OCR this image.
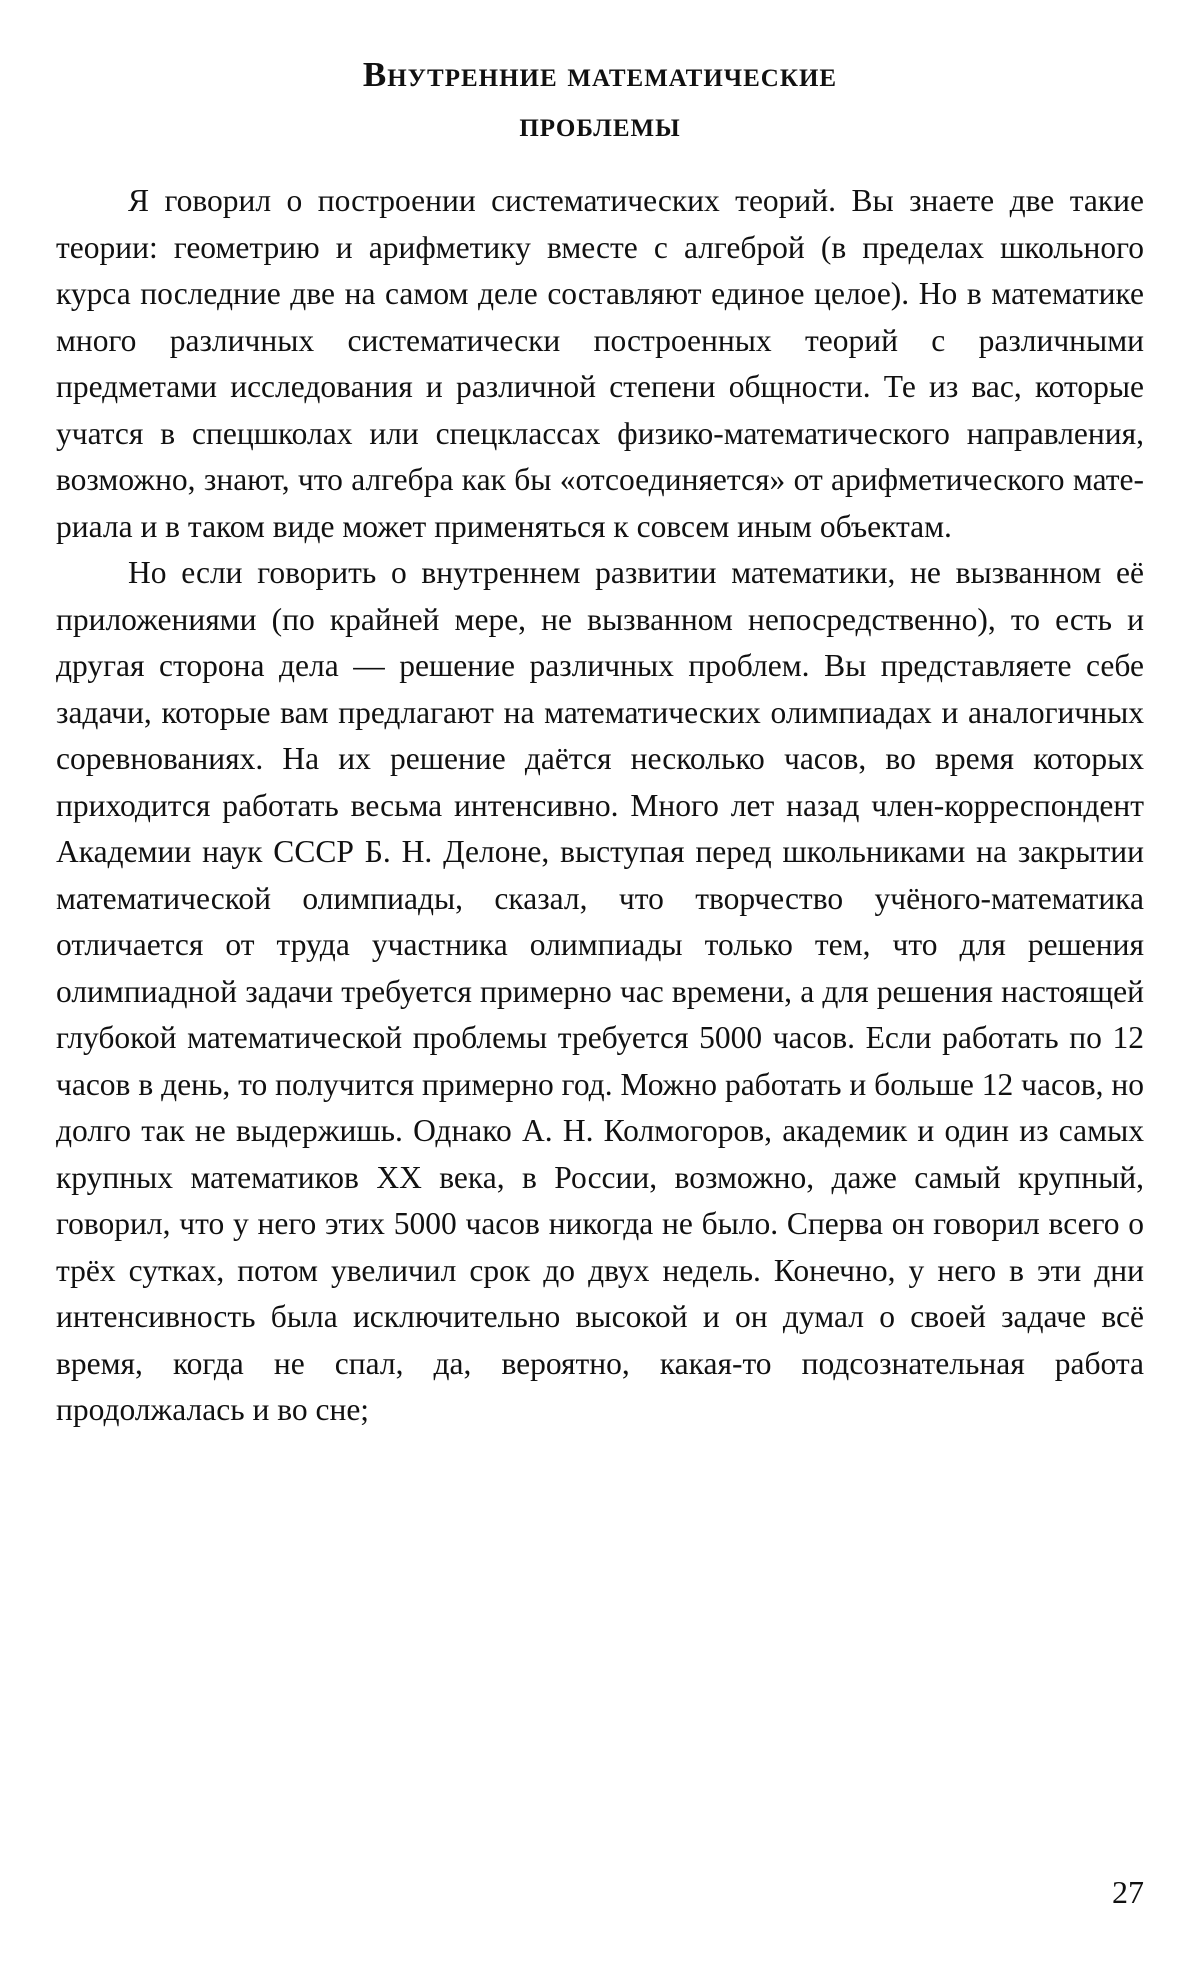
Внутренние математические
проблемы

Я говорил о построении систематических теорий. Вы знаете две такие теории: геометрию и арифметику вместе с алгеброй (в пределах школьного курса последние две на самом деле составляют единое целое). Но в математике много различных систематически построенных теорий с различными предметами исследования и различной степени общности. Те из вас, которые учатся в спецшколах или спецклассах физико-математического направления, возможно, знают, что алгебра как бы «отсоединяется» от арифметического материала и в таком виде может применяться к совсем иным объектам.

Но если говорить о внутреннем развитии математики, не вызванном её приложениями (по крайней мере, не вызванном непосредственно), то есть и другая сторона дела — решение различных проблем. Вы представляете себе задачи, которые вам предлагают на математических олимпиадах и аналогичных соревнованиях. На их решение даётся несколько часов, во время которых приходится работать весьма интенсивно. Много лет назад член-корреспондент Академии наук СССР Б. Н. Делоне, выступая перед школьниками на закрытии математической олимпиады, сказал, что творчество учёного-математика отличается от труда участника олимпиады только тем, что для решения олимпиадной задачи требуется примерно час времени, а для решения настоящей глубокой математической проблемы требуется 5000 часов. Если работать по 12 часов в день, то получится примерно год. Можно работать и больше 12 часов, но долго так не выдержишь. Однако А. Н. Колмогоров, академик и один из самых крупных математиков XX века, в России, возможно, даже самый крупный, говорил, что у него этих 5000 часов никогда не было. Сперва он говорил всего о трёх сутках, потом увеличил срок до двух недель. Конечно, у него в эти дни интенсивность была исключительно высокой и он думал о своей задаче всё время, когда не спал, да, вероятно, какая-то подсознательная работа продолжалась и во сне;

27
